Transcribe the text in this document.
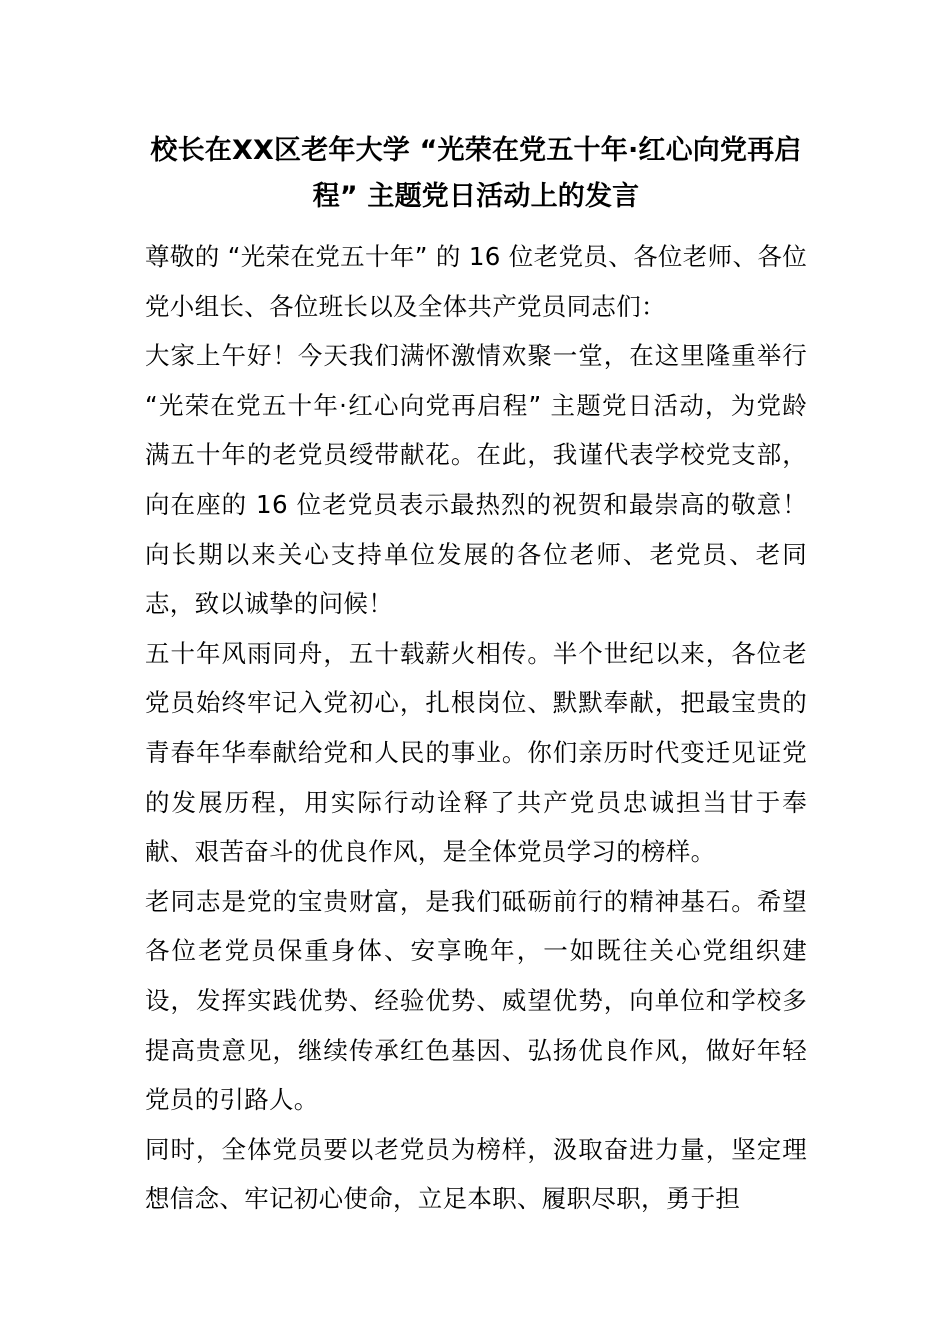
校长在XX区老年大学 “光荣在党五十年·红心向党再启程” 主题党日活动上的发言

尊敬的 “光荣在党五十年” 的 16 位老党员、各位老师、各位党小组长、各位班长以及全体共产党员同志们：

大家上午好！今天我们满怀激情欢聚一堂，在这里隆重举行 “光荣在党五十年·红心向党再启程” 主题党日活动，为党龄满五十年的老党员绶带献花。在此，我谨代表学校党支部，向在座的 16 位老党员表示最热烈的祝贺和最崇高的敬意！向长期以来关心支持单位发展的各位老师、老党员、老同志，致以诚挚的问候！

五十年风雨同舟，五十载薪火相传。半个世纪以来，各位老党员始终牢记入党初心，扎根岗位、默默奉献，把最宝贵的青春年华奉献给党和人民的事业。你们亲历时代变迁见证党的发展历程，用实际行动诠释了共产党员忠诚担当甘于奉献、艰苦奋斗的优良作风，是全体党员学习的榜样。

老同志是党的宝贵财富，是我们砥砺前行的精神基石。希望各位老党员保重身体、安享晚年，一如既往关心党组织建设，发挥实践优势、经验优势、威望优势，向单位和学校多提高贵意见，继续传承红色基因、弘扬优良作风，做好年轻党员的引路人。

同时，全体党员要以老党员为榜样，汲取奋进力量，坚定理想信念、牢记初心使命，立足本职、履职尽职，勇于担
